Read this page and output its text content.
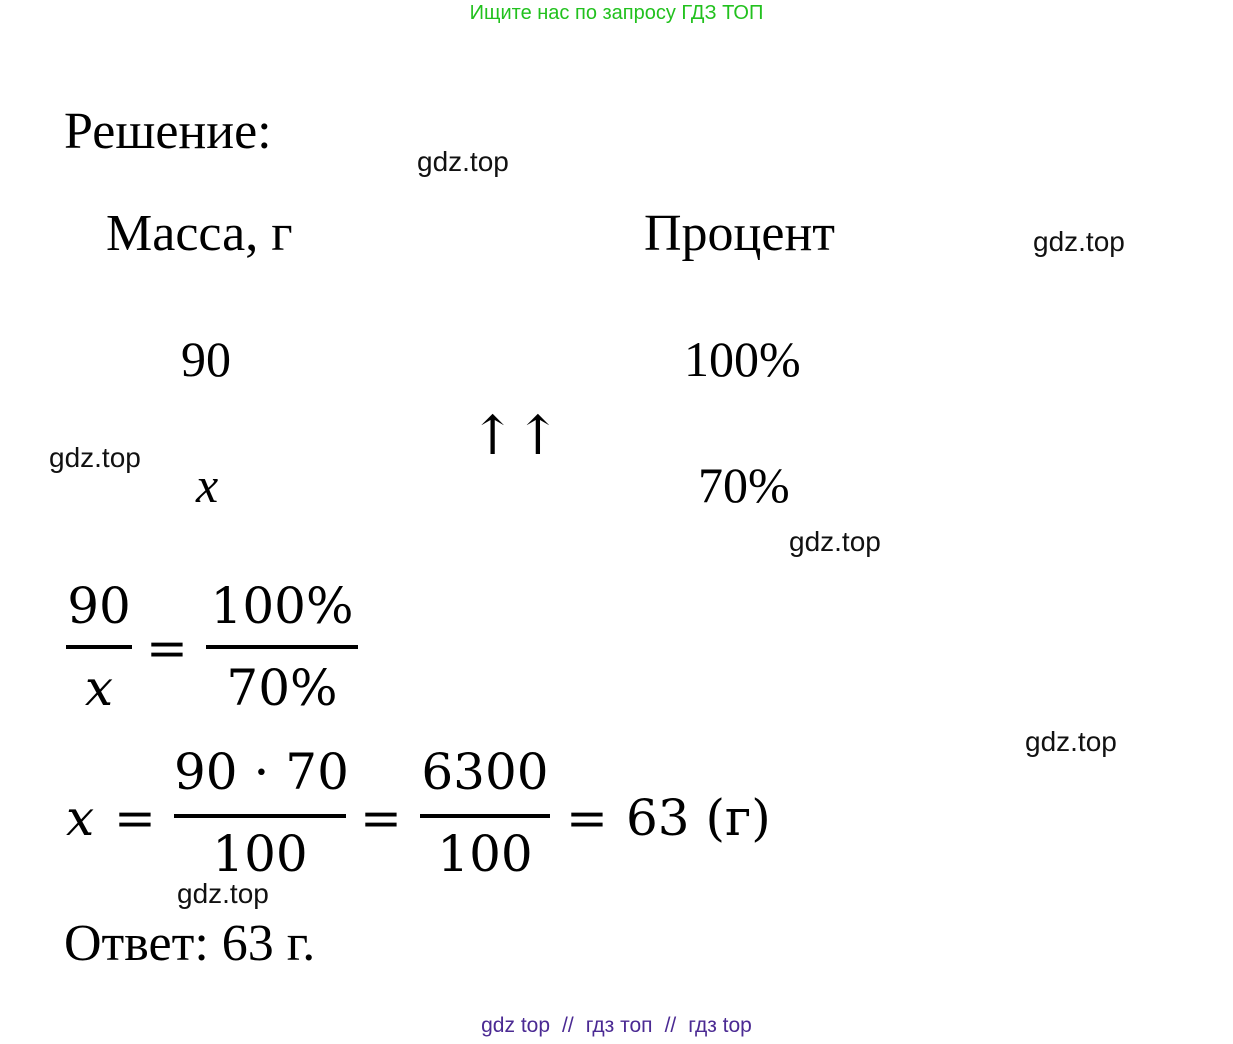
Ищите нас по запросу ГДЗ ТОП
Решение:
gdz.top
gdz.top
gdz.top
gdz.top
gdz.top
gdz.top
Масса, г	Процент
90	100%
↑↑
x	70%
90
x
=
100%
70%
x =
90 · 70
100
=
6300
100
= 63 (г)
Ответ: 63 г.
gdz top // гдз топ // гдз top
